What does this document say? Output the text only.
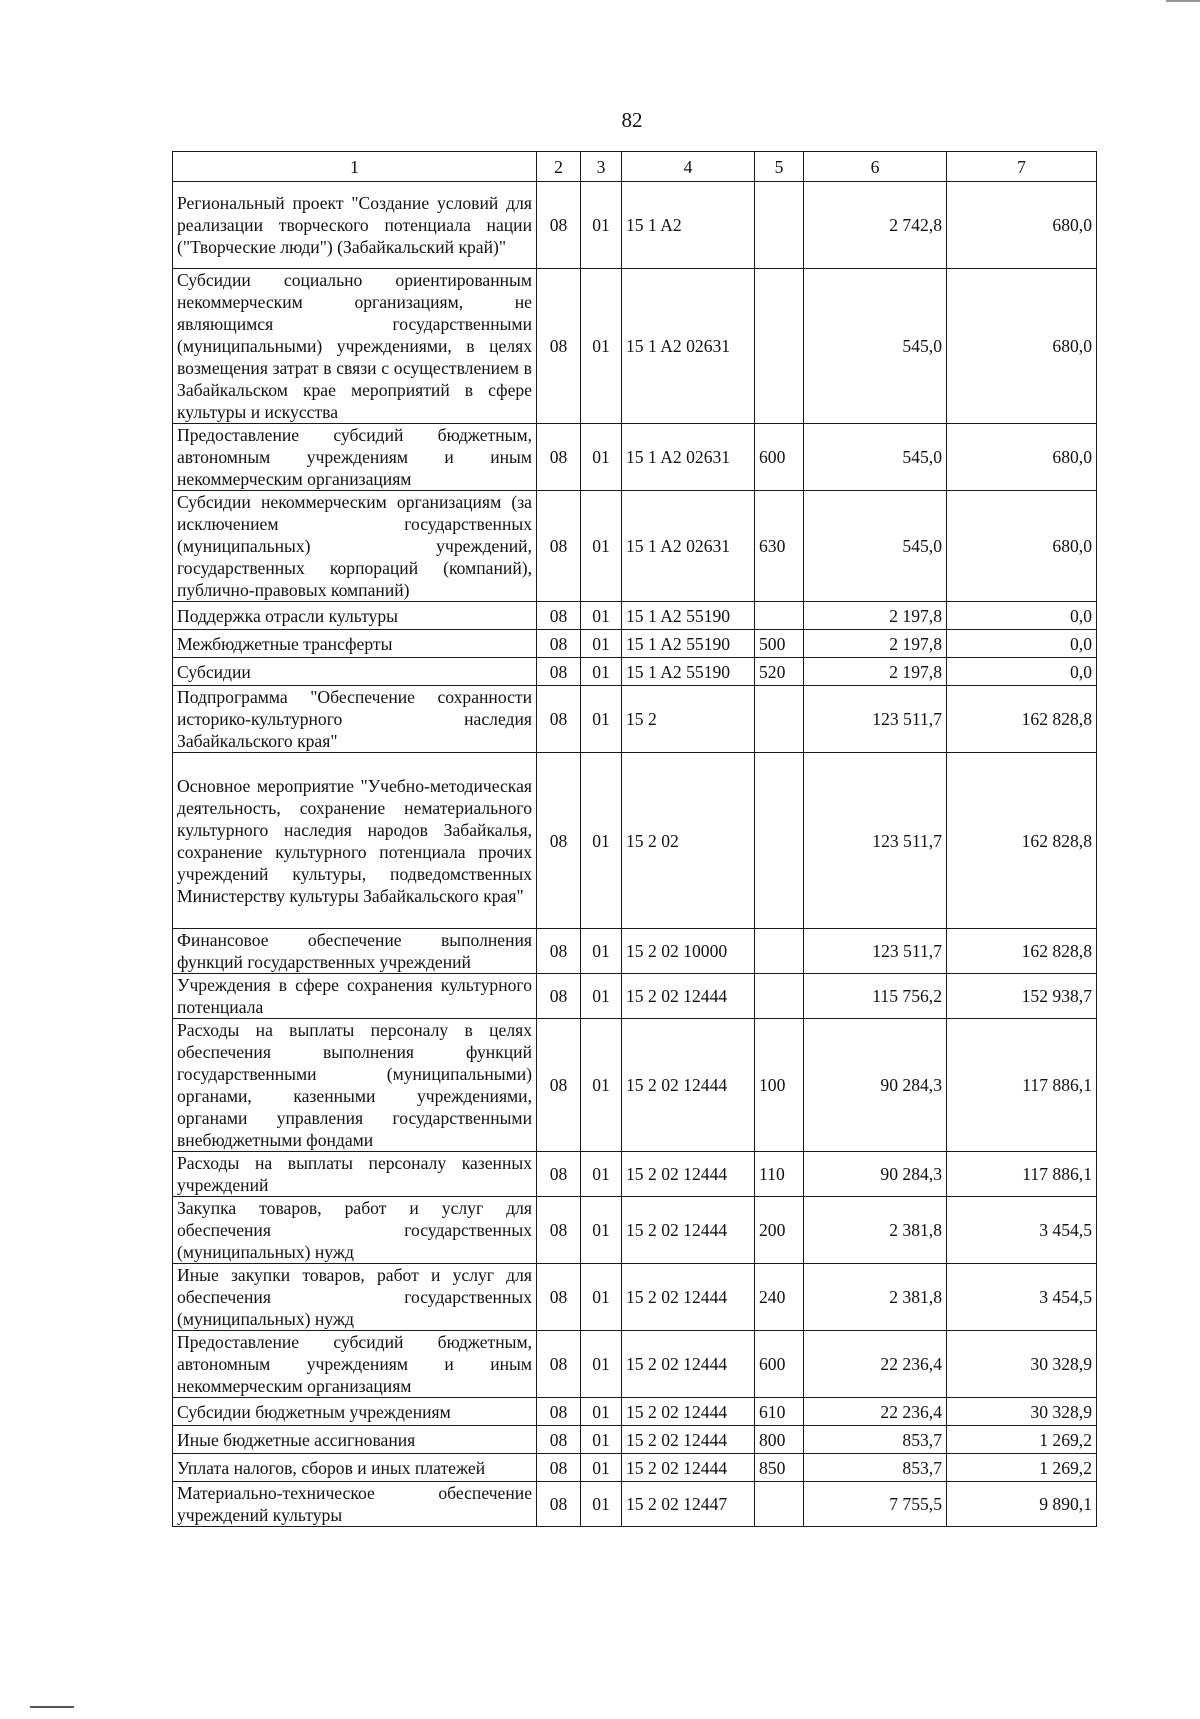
82
1	2	3	4	5	6	7
Региональный проект "Создание условий для реализации творческого потенциала нации ("Творческие люди") (Забайкальский край)"	08	01	15 1 A2		2 742,8	680,0
Субсидии социально ориентированным некоммерческим организациям, не являющимся государственными (муниципальными) учреждениями, в целях возмещения затрат в связи с осуществлением в Забайкальском крае мероприятий в сфере культуры и искусства	08	01	15 1 A2 02631		545,0	680,0
Предоставление субсидий бюджетным, автономным учреждениям и иным некоммерческим организациям	08	01	15 1 A2 02631	600	545,0	680,0
Субсидии некоммерческим организациям (за исключением государственных (муниципальных) учреждений, государственных корпораций (компаний), публично-правовых компаний)	08	01	15 1 A2 02631	630	545,0	680,0
Поддержка отрасли культуры	08	01	15 1 A2 55190		2 197,8	0,0
Межбюджетные трансферты	08	01	15 1 A2 55190	500	2 197,8	0,0
Субсидии	08	01	15 1 A2 55190	520	2 197,8	0,0
Подпрограмма "Обеспечение сохранности историко-культурного наследия Забайкальского края"	08	01	15 2		123 511,7	162 828,8
Основное мероприятие "Учебно-методическая деятельность, сохранение нематериального культурного наследия народов Забайкалья, сохранение культурного потенциала прочих учреждений культуры, подведомственных Министерству культуры Забайкальского края"	08	01	15 2 02		123 511,7	162 828,8
Финансовое обеспечение выполнения функций государственных учреждений	08	01	15 2 02 10000		123 511,7	162 828,8
Учреждения в сфере сохранения культурного потенциала	08	01	15 2 02 12444		115 756,2	152 938,7
Расходы на выплаты персоналу в целях обеспечения выполнения функций государственными (муниципальными) органами, казенными учреждениями, органами управления государственными внебюджетными фондами	08	01	15 2 02 12444	100	90 284,3	117 886,1
Расходы на выплаты персоналу казенных учреждений	08	01	15 2 02 12444	110	90 284,3	117 886,1
Закупка товаров, работ и услуг для обеспечения государственных (муниципальных) нужд	08	01	15 2 02 12444	200	2 381,8	3 454,5
Иные закупки товаров, работ и услуг для обеспечения государственных (муниципальных) нужд	08	01	15 2 02 12444	240	2 381,8	3 454,5
Предоставление субсидий бюджетным, автономным учреждениям и иным некоммерческим организациям	08	01	15 2 02 12444	600	22 236,4	30 328,9
Субсидии бюджетным учреждениям	08	01	15 2 02 12444	610	22 236,4	30 328,9
Иные бюджетные ассигнования	08	01	15 2 02 12444	800	853,7	1 269,2
Уплата налогов, сборов и иных платежей	08	01	15 2 02 12444	850	853,7	1 269,2
Материально-техническое обеспечение учреждений культуры	08	01	15 2 02 12447		7 755,5	9 890,1
